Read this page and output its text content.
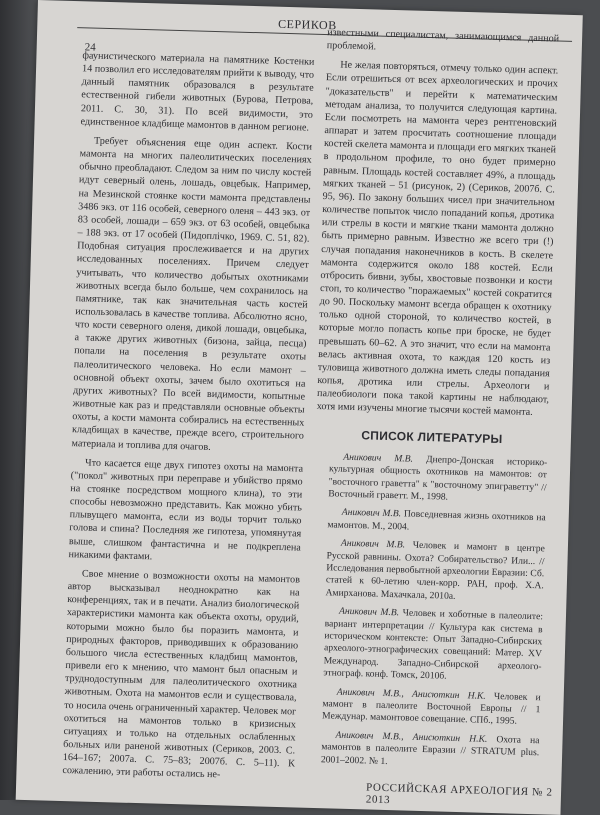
СЕРИКОВ
24

фаунистического материала на памятнике Костенки 14 позволил его исследователям прийти к выводу, что данный памятник образовался в результате естественной гибели животных (Бурова, Петрова, 2011. С. 30, 31). По всей видимости, это единственное кладбище мамонтов в данном регионе.

Требует объяснения еще один аспект. Кости мамонта на многих палеолитических поселениях обычно преобладают. Следом за ним по числу костей идут северный олень, лошадь, овцебык. Например, на Мезинской стоянке кости мамонта представлены 3486 экз. от 116 особей, северного оленя – 443 экз. от 83 особей, лошади – 659 экз. от 63 особей, овцебыка – 188 экз. от 17 особей (Пидоплічко, 1969. С. 51, 82). Подобная ситуация прослеживается и на других исследованных поселениях. Причем следует учитывать, что количество добытых охотниками животных всегда было больше, чем сохранилось на памятнике, так как значительная часть костей использовалась в качестве топлива. Абсолютно ясно, что кости северного оленя, дикой лошади, овцебыка, а также других животных (бизона, зайца, песца) попали на поселения в результате охоты палеолитического человека. Но если мамонт – основной объект охоты, зачем было охотиться на других животных? По всей видимости, копытные животные как раз и представляли основные объекты охоты, а кости мамонта собирались на естественных кладбищах в качестве, прежде всего, строительного материала и топлива для очагов.

Что касается еще двух гипотез охоты на мамонта ("покол" животных при переправе и убийство прямо на стоянке посредством мощного клина), то эти способы невозможно представить. Как можно убить плывущего мамонта, если из воды торчит только голова и спина? Последняя же гипотеза, упомянутая выше, слишком фантастична и не подкреплена никакими фактами.

Свое мнение о возможности охоты на мамонтов автор высказывал неоднократно как на конференциях, так и в печати. Анализ биологической характеристики мамонта как объекта охоты, орудий, которыми можно было бы поразить мамонта, и природных факторов, приводивших к образованию большого числа естественных кладбищ мамонтов, привели его к мнению, что мамонт был опасным и труднодоступным для палеолитического охотника животным. Охота на мамонтов если и существовала, то носила очень ограниченный характер. Человек мог охотиться на мамонтов только в кризисных ситуациях и только на отдельных ослабленных больных или раненой животных (Сериков, 2003. С. 164–167; 2007а. С. 75–83; 2007б. С. 5–11). К сожалению, эти работы остались не-

известными специалистам, занимающимся данной проблемой.

Не желая повторяться, отмечу только один аспект. Если отрешиться от всех археологических и прочих "доказательств" и перейти к математическим методам анализа, то получится следующая картина. Если посмотреть на мамонта через рентгеновский аппарат и затем просчитать соотношение площади костей скелета мамонта и площади его мягких тканей в продольном профиле, то оно будет примерно равным. Площадь костей составляет 49%, а площадь мягких тканей – 51 (рисунок, 2) (Сериков, 2007б. С. 95, 96). По закону больших чисел при значительном количестве попыток число попаданий копья, дротика или стрелы в кости и мягкие ткани мамонта должно быть примерно равным. Известно же всего три (!) случая попадания наконечников в кость. В скелете мамонта содержится около 188 костей. Если отбросить бивни, зубы, хвостовые позвонки и кости стоп, то количество "поражаемых" костей сократится до 90. Поскольку мамонт всегда обращен к охотнику только одной стороной, то количество костей, в которые могло попасть копье при броске, не будет превышать 60–62. А это значит, что если на мамонта велась активная охота, то каждая 120 кость из туловища животного должна иметь следы попадания копья, дротика или стрелы. Археологи и палеобиологи пока такой картины не наблюдают, хотя ими изучены многие тысячи костей мамонта.

СПИСОК ЛИТЕРАТУРЫ

Аникович М.В. Днепро-Донская историко-культурная общность охотников на мамонтов: от "восточного граветта" к "восточному эпиграветту" // Восточный граветт. М., 1998.

Аникович М.В. Повседневная жизнь охотников на мамонтов. М., 2004.

Аникович М.В. Человек и мамонт в центре Русской равнины. Охота? Собирательство? Или... // Исследования первобытной археологии Евразии: Сб. статей к 60-летию член-корр. РАН, проф. Х.А. Амирханова. Махачкала, 2010а.

Аникович М.В. Человек и хоботные в палеолите: вариант интерпретации // Культура как система в историческом контексте: Опыт Западно-Сибирских археолого-этнографических совещаний: Матер. XV Международ. Западно-Сибирской археолого-этнограф. конф. Томск, 2010б.

Аникович М.В., Анисюткин Н.К. Человек и мамонт в палеолите Восточной Европы // 1 Междунар. мамонтовое совещание. СПб., 1995.

Аникович М.В., Анисюткин Н.К. Охота на мамонтов в палеолите Евразии // STRATUM plus. 2001–2002. № 1.

РОССИЙСКАЯ АРХЕОЛОГИЯ № 2 2013
